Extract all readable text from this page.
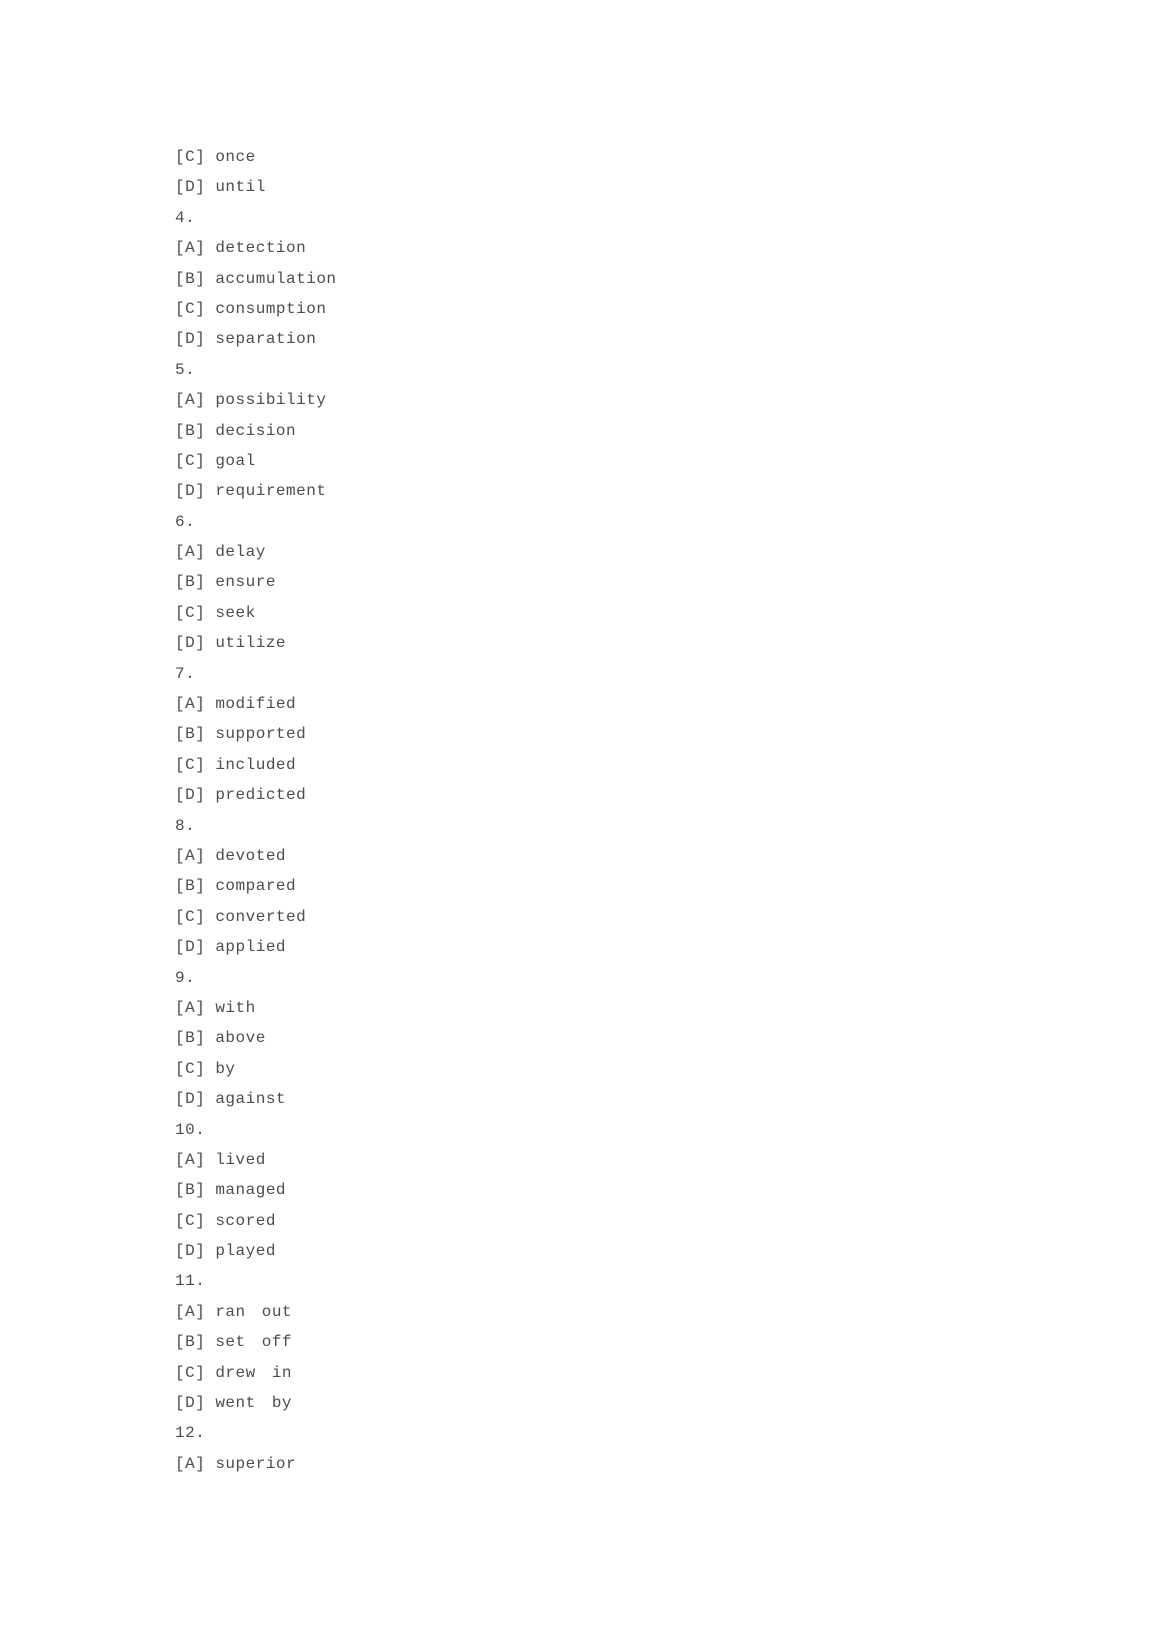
[C] once
[D] until
4.
[A] detection
[B] accumulation
[C] consumption
[D] separation
5.
[A] possibility
[B] decision
[C] goal
[D] requirement
6.
[A] delay
[B] ensure
[C] seek
[D] utilize
7.
[A] modified
[B] supported
[C] included
[D] predicted
8.
[A] devoted
[B] compared
[C] converted
[D] applied
9.
[A] with
[B] above
[C] by
[D] against
10.
[A] lived
[B] managed
[C] scored
[D] played
11.
[A] ran out
[B] set off
[C] drew in
[D] went by
12.
[A] superior
